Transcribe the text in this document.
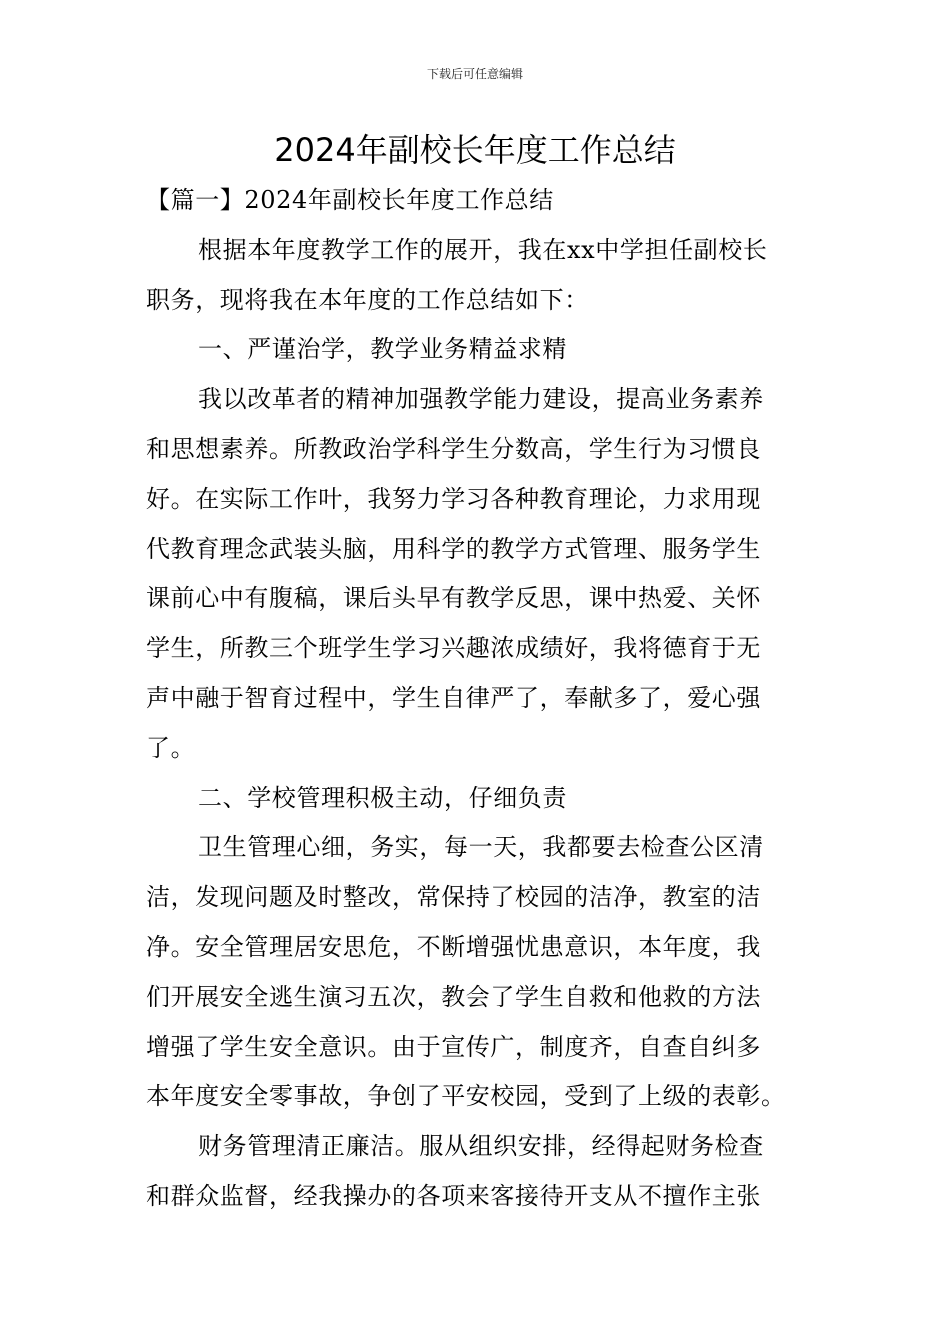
下载后可任意编辑
2024年副校长年度工作总结
【篇一】2024年副校长年度工作总结
根据本年度教学工作的展开，我在xx中学担任副校长
职务，现将我在本年度的工作总结如下：
一、严谨治学，教学业务精益求精
我以改革者的精神加强教学能力建设，提高业务素养
和思想素养。所教政治学科学生分数高，学生行为习惯良
好。在实际工作叶，我努力学习各种教育理论，力求用现
代教育理念武装头脑，用科学的教学方式管理、服务学生
课前心中有腹稿，课后头早有教学反思，课中热爱、关怀
学生，所教三个班学生学习兴趣浓成绩好，我将德育于无
声中融于智育过程中，学生自律严了，奉献多了，爱心强
了。
二、学校管理积极主动，仔细负责
卫生管理心细，务实，每一天，我都要去检查公区清
洁，发现问题及时整改，常保持了校园的洁净，教室的洁
净。安全管理居安思危，不断增强忧患意识，本年度，我
们开展安全逃生演习五次，教会了学生自救和他救的方法
增强了学生安全意识。由于宣传广，制度齐，自查自纠多
本年度安全零事故，争创了平安校园，受到了上级的表彰。
财务管理清正廉洁。服从组织安排，经得起财务检查
和群众监督，经我操办的各项来客接待开支从不擅作主张
